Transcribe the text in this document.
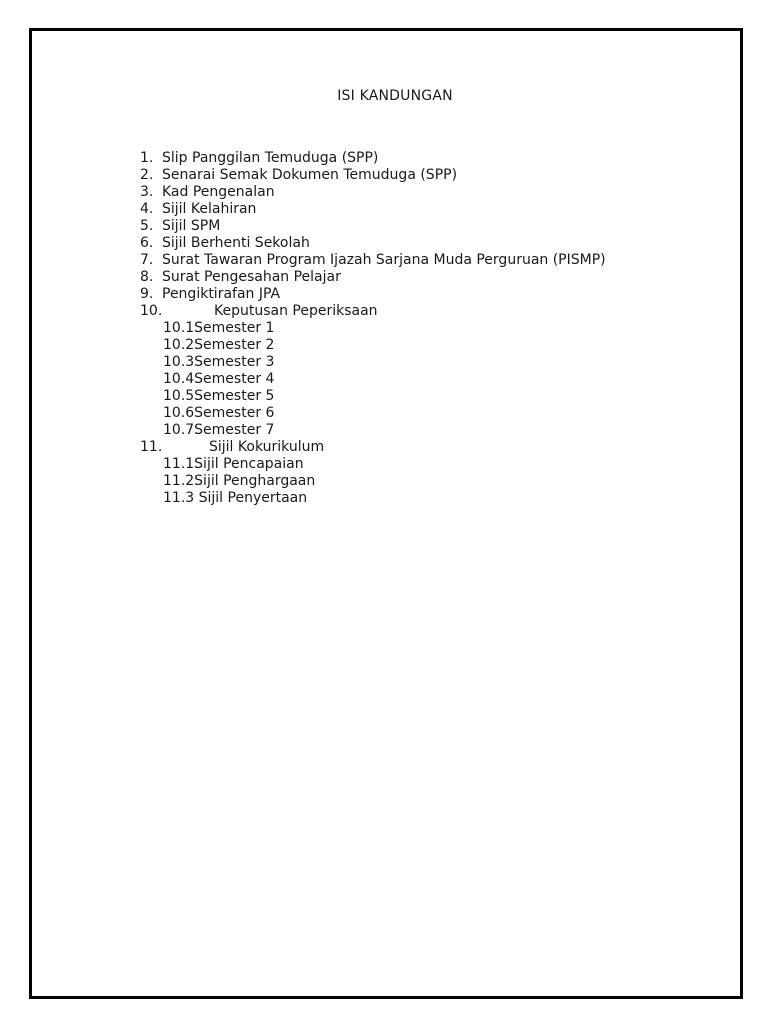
ISI KANDUNGAN
1. Slip Panggilan Temuduga (SPP)
2. Senarai Semak Dokumen Temuduga (SPP)
3. Kad Pengenalan
4. Sijil Kelahiran
5. Sijil SPM
6. Sijil Berhenti Sekolah
7. Surat Tawaran Program Ijazah Sarjana Muda Perguruan (PISMP)
8. Surat Pengesahan Pelajar
9. Pengiktirafan JPA
10.	Keputusan Peperiksaan
10.1Semester 1
10.2Semester 2
10.3Semester 3
10.4Semester 4
10.5Semester 5
10.6Semester 6
10.7Semester 7
11.	Sijil Kokurikulum
11.1Sijil Pencapaian
11.2Sijil Penghargaan
11.3 Sijil Penyertaan
